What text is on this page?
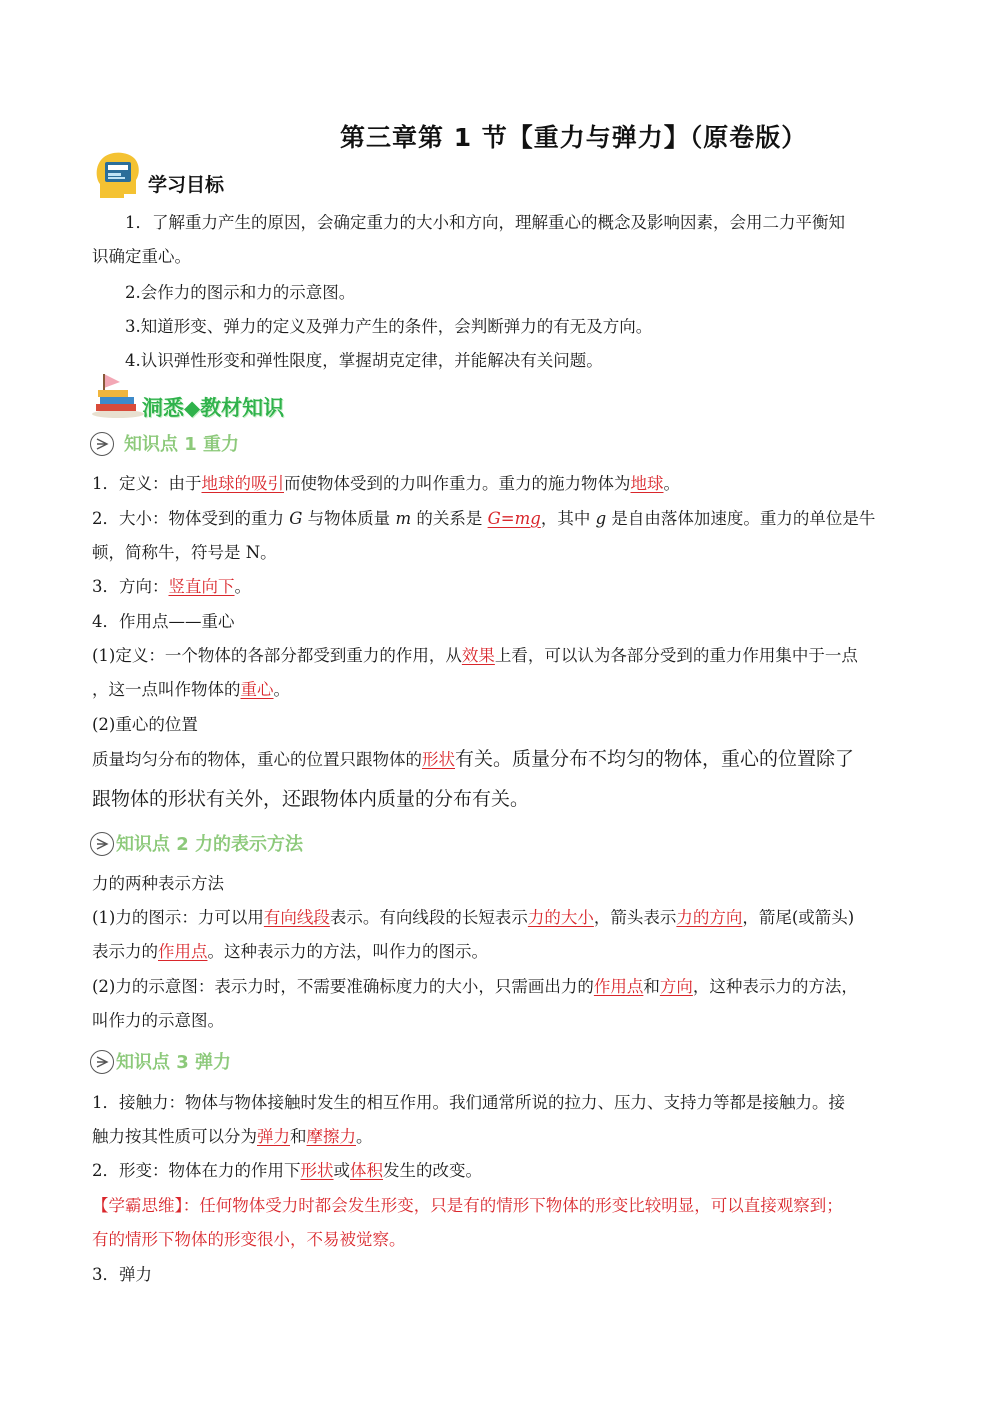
第三章第 1 节【重力与弹力】（原卷版）
学习目标
1．了解重力产生的原因，会确定重力的大小和方向，理解重心的概念及影响因素，会用二力平衡知
识确定重心。
2.会作力的图示和力的示意图。
3.知道形变、弹力的定义及弹力产生的条件，会判断弹力的有无及方向。
4.认识弹性形变和弹性限度，掌握胡克定律，并能解决有关问题。
洞悉◆教材知识
知识点 1 重力
1．定义：由于地球的吸引而使物体受到的力叫作重力。重力的施力物体为地球。
2．大小：物体受到的重力 G 与物体质量 m 的关系是 G=mg，其中 g 是自由落体加速度。重力的单位是牛
顿，简称牛，符号是 N。
3．方向：竖直向下。
4．作用点——重心
(1)定义：一个物体的各部分都受到重力的作用，从效果上看，可以认为各部分受到的重力作用集中于一点
，这一点叫作物体的重心。
(2)重心的位置
质量均匀分布的物体，重心的位置只跟物体的形状有关。质量分布不均匀的物体，重心的位置除了
跟物体的形状有关外，还跟物体内质量的分布有关。
知识点 2 力的表示方法
力的两种表示方法
(1)力的图示：力可以用有向线段表示。有向线段的长短表示力的大小，箭头表示力的方向，箭尾(或箭头)
表示力的作用点。这种表示力的方法，叫作力的图示。
(2)力的示意图：表示力时，不需要准确标度力的大小，只需画出力的作用点和方向，这种表示力的方法，
叫作力的示意图。
知识点 3 弹力
1．接触力：物体与物体接触时发生的相互作用。我们通常所说的拉力、压力、支持力等都是接触力。接
触力按其性质可以分为弹力和摩擦力。
2．形变：物体在力的作用下形状或体积发生的改变。
【学霸思维】：任何物体受力时都会发生形变，只是有的情形下物体的形变比较明显，可以直接观察到；
有的情形下物体的形变很小，不易被觉察。
3．弹力
